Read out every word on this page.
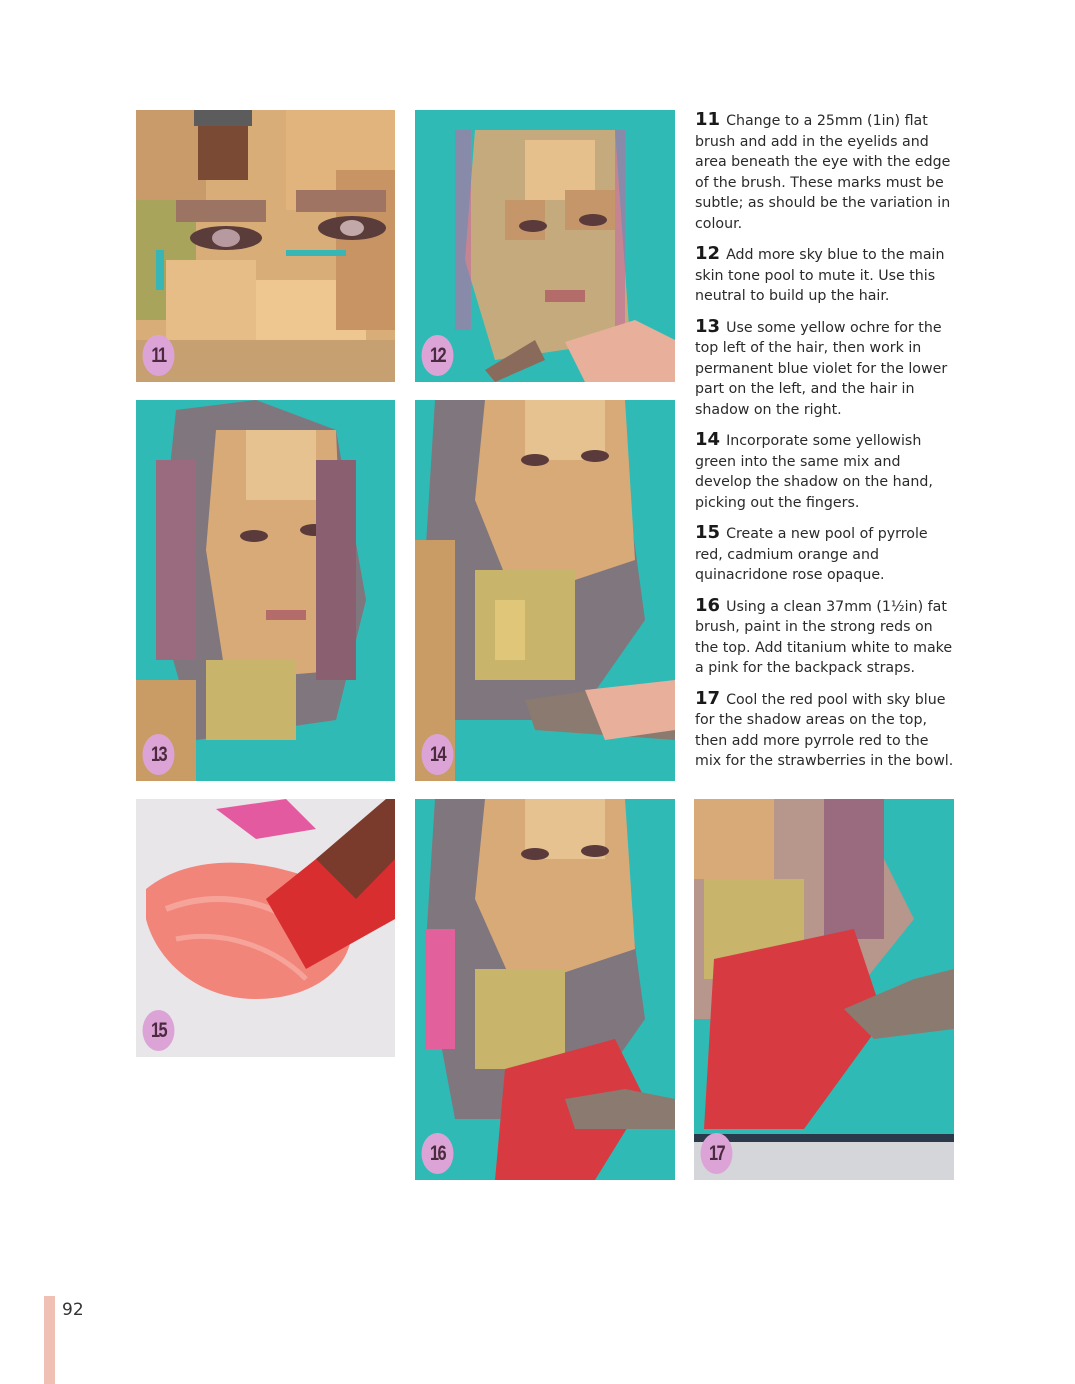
11	12
13	14
15
16	17

11 Change to a 25mm (1in) flat brush and add in the eyelids and area beneath the eye with the edge of the brush. These marks must be subtle; as should be the variation in colour.

12 Add more sky blue to the main skin tone pool to mute it. Use this neutral to build up the hair.

13 Use some yellow ochre for the top left of the hair, then work in permanent blue violet for the lower part on the left, and the hair in shadow on the right.

14 Incorporate some yellowish green into the same mix and develop the shadow on the hand, picking out the fingers.

15 Create a new pool of pyrrole red, cadmium orange and quinacridone rose opaque.

16 Using a clean 37mm (1½in) fat brush, paint in the strong reds on the top. Add titanium white to make a pink for the backpack straps.

17 Cool the red pool with sky blue for the shadow areas on the top, then add more pyrrole red to the mix for the strawberries in the bowl.

92
